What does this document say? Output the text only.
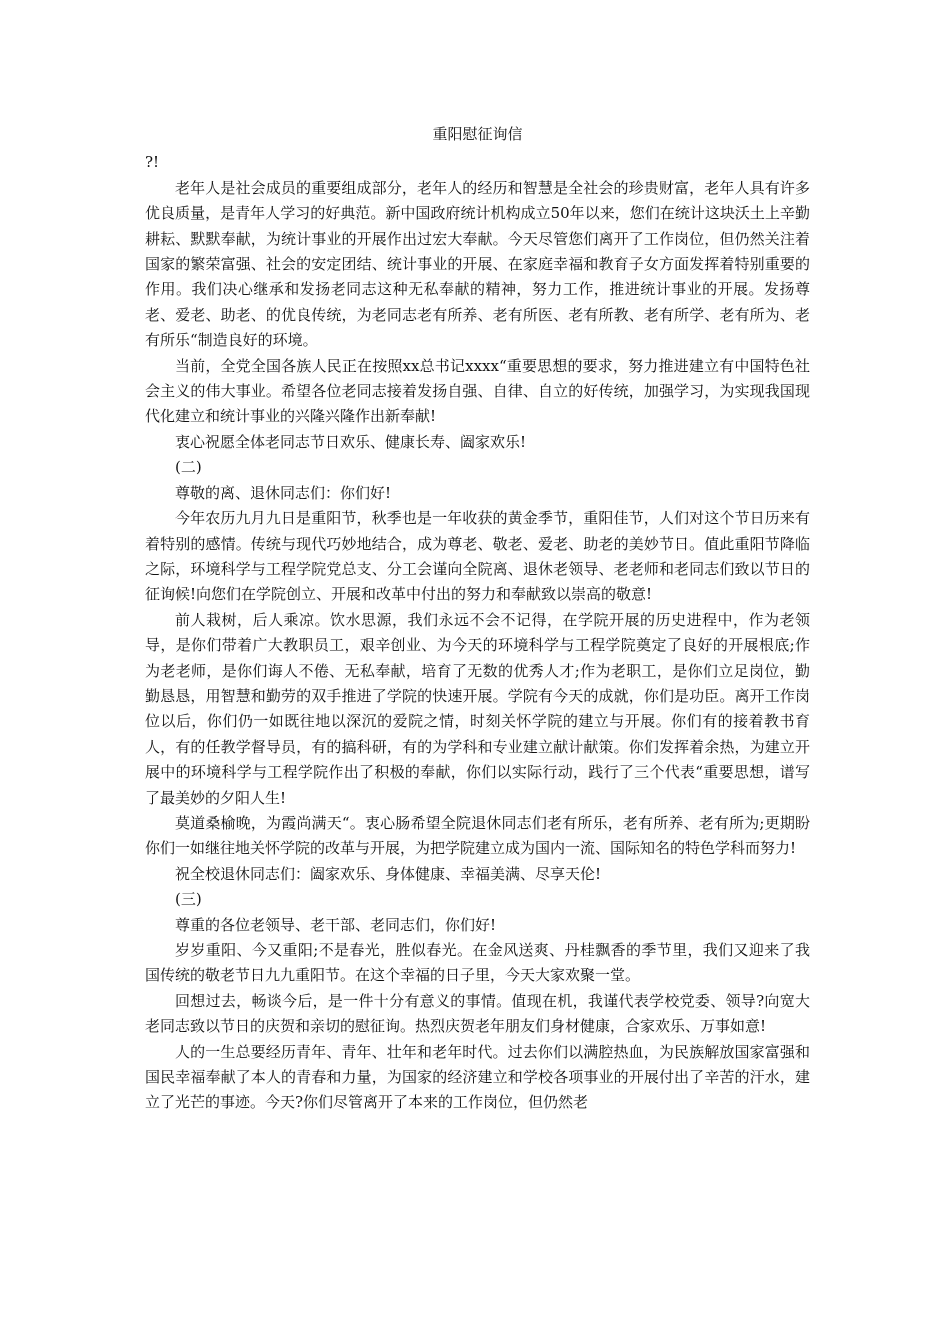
重阳慰征询信

?!

老年人是社会成员的重要组成部分，老年人的经历和智慧是全社会的珍贵财富，老年人具有许多优良质量，是青年人学习的好典范。新中国政府统计机构成立50年以来，您们在统计这块沃土上辛勤耕耘、默默奉献，为统计事业的开展作出过宏大奉献。今天尽管您们离开了工作岗位，但仍然关注着国家的繁荣富强、社会的安定团结、统计事业的开展、在家庭幸福和教育子女方面发挥着特别重要的作用。我们决心继承和发扬老同志这种无私奉献的精神，努力工作，推进统计事业的开展。发扬尊老、爱老、助老、的优良传统，为老同志老有所养、老有所医、老有所教、老有所学、老有所为、老有所乐“制造良好的环境。

当前，全党全国各族人民正在按照xx总书记xxxx“重要思想的要求，努力推进建立有中国特色社会主义的伟大事业。希望各位老同志接着发扬自强、自律、自立的好传统，加强学习，为实现我国现代化建立和统计事业的兴隆兴隆作出新奉献!

衷心祝愿全体老同志节日欢乐、健康长寿、阖家欢乐!

(二)

尊敬的离、退休同志们：你们好!

今年农历九月九日是重阳节，秋季也是一年收获的黄金季节，重阳佳节，人们对这个节日历来有着特别的感情。传统与现代巧妙地结合，成为尊老、敬老、爱老、助老的美妙节日。值此重阳节降临之际，环境科学与工程学院党总支、分工会谨向全院离、退休老领导、老老师和老同志们致以节日的征询候!向您们在学院创立、开展和改革中付出的努力和奉献致以崇高的敬意!

前人栽树，后人乘凉。饮水思源，我们永远不会不记得，在学院开展的历史进程中，作为老领导，是你们带着广大教职员工，艰辛创业、为今天的环境科学与工程学院奠定了良好的开展根底;作为老老师，是你们诲人不倦、无私奉献，培育了无数的优秀人才;作为老职工，是你们立足岗位，勤勤恳恳，用智慧和勤劳的双手推进了学院的快速开展。学院有今天的成就，你们是功臣。离开工作岗位以后，你们仍一如既往地以深沉的爱院之情，时刻关怀学院的建立与开展。你们有的接着教书育人，有的任教学督导员，有的搞科研，有的为学科和专业建立献计献策。你们发挥着余热，为建立开展中的环境科学与工程学院作出了积极的奉献，你们以实际行动，践行了三个代表“重要思想，谱写了最美妙的夕阳人生!

莫道桑榆晚，为霞尚满天“。衷心肠希望全院退休同志们老有所乐，老有所养、老有所为;更期盼你们一如继往地关怀学院的改革与开展，为把学院建立成为国内一流、国际知名的特色学科而努力!

祝全校退休同志们：阖家欢乐、身体健康、幸福美满、尽享天伦!

(三)

尊重的各位老领导、老干部、老同志们，你们好!

岁岁重阳、今又重阳;不是春光，胜似春光。在金风送爽、丹桂飘香的季节里，我们又迎来了我国传统的敬老节日九九重阳节。在这个幸福的日子里，今天大家欢聚一堂。

回想过去，畅谈今后，是一件十分有意义的事情。值现在机，我谨代表学校党委、领导?向宽大老同志致以节日的庆贺和亲切的慰征询。热烈庆贺老年朋友们身材健康，合家欢乐、万事如意!

人的一生总要经历青年、青年、壮年和老年时代。过去你们以满腔热血，为民族解放国家富强和国民幸福奉献了本人的青春和力量，为国家的经济建立和学校各项事业的开展付出了辛苦的汗水，建立了光芒的事迹。今天?你们尽管离开了本来的工作岗位，但仍然老
